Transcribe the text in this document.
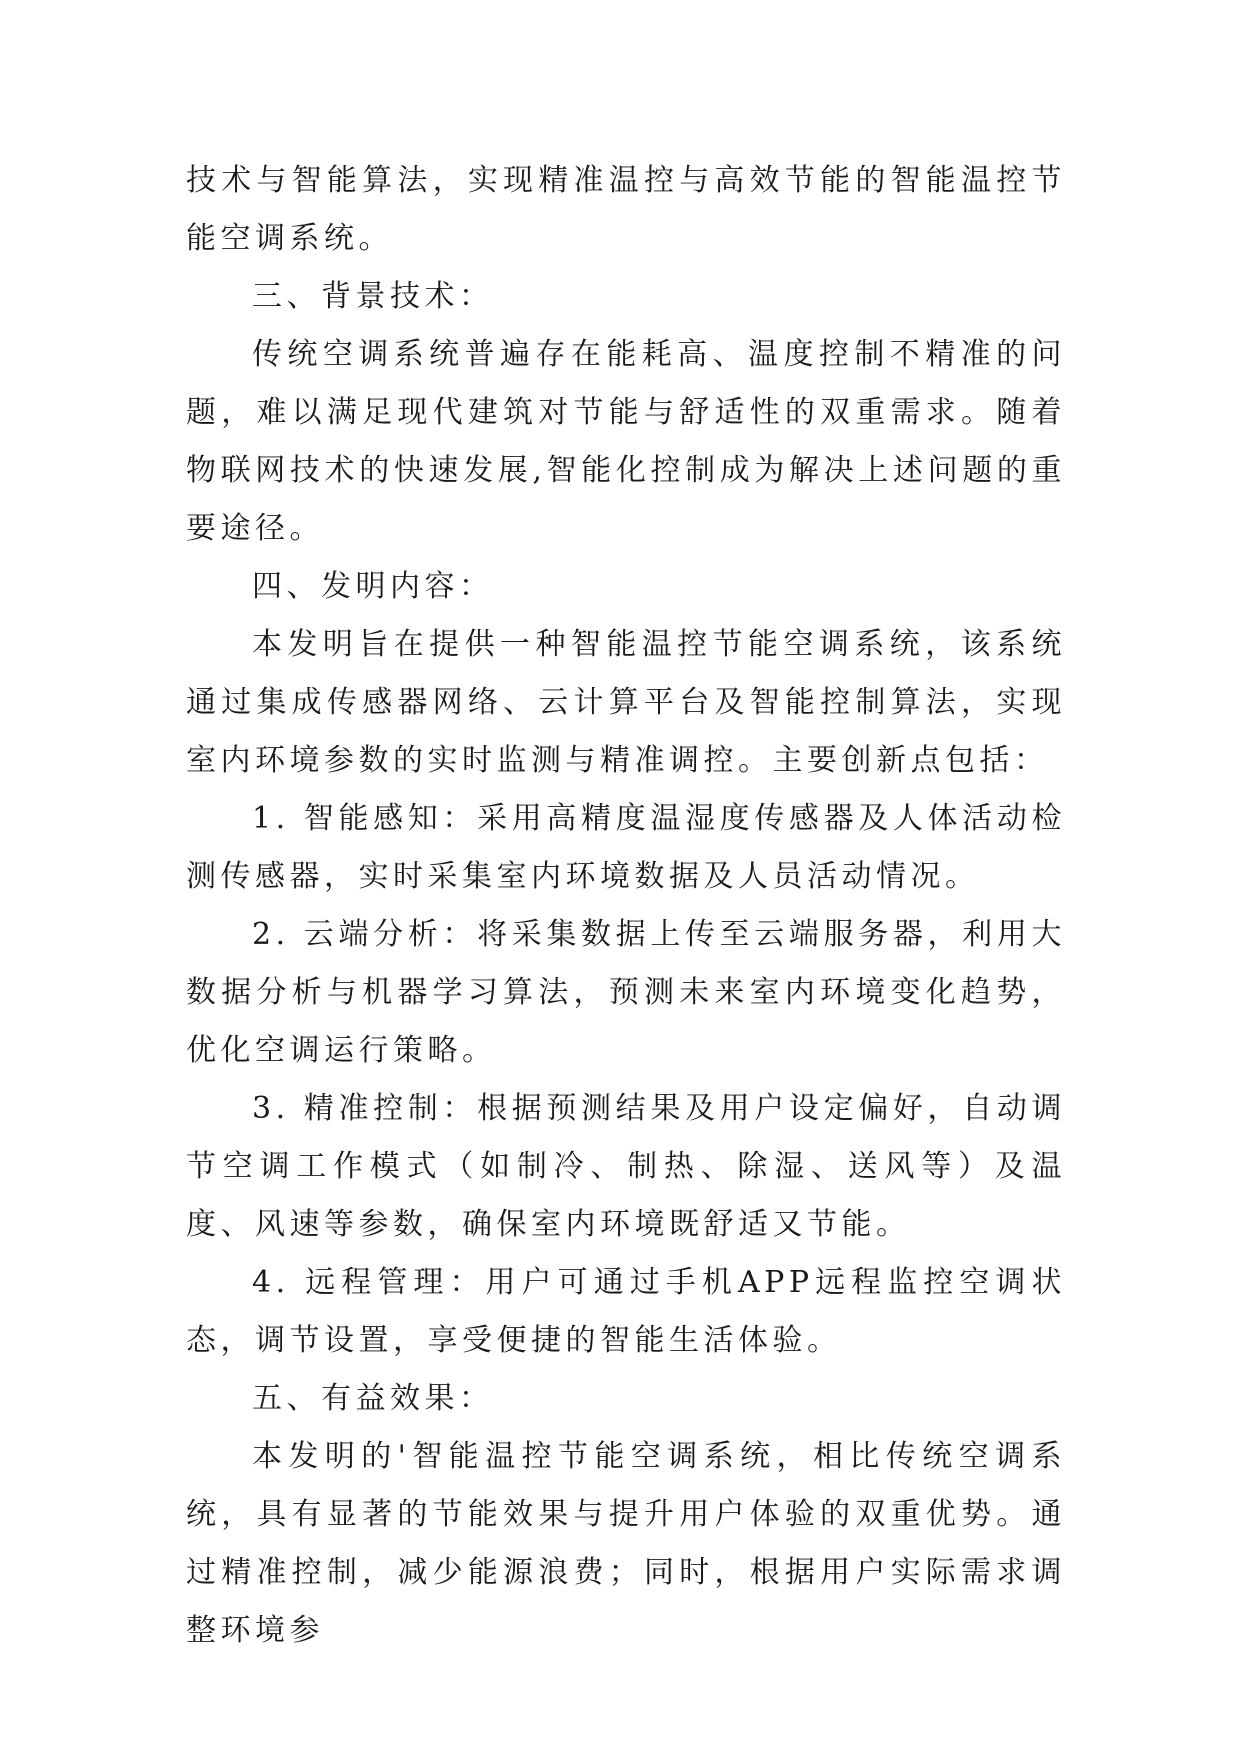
技术与智能算法，实现精准温控与高效节能的智能温控节能空调系统。

三、背景技术：

传统空调系统普遍存在能耗高、温度控制不精准的问题，难以满足现代建筑对节能与舒适性的双重需求。随着物联网技术的快速发展,智能化控制成为解决上述问题的重要途径。

四、发明内容：

本发明旨在提供一种智能温控节能空调系统，该系统通过集成传感器网络、云计算平台及智能控制算法，实现室内环境参数的实时监测与精准调控。主要创新点包括：

1. 智能感知：采用高精度温湿度传感器及人体活动检测传感器，实时采集室内环境数据及人员活动情况。

2. 云端分析：将采集数据上传至云端服务器，利用大数据分析与机器学习算法，预测未来室内环境变化趋势，优化空调运行策略。

3. 精准控制：根据预测结果及用户设定偏好，自动调节空调工作模式（如制冷、制热、除湿、送风等）及温度、风速等参数，确保室内环境既舒适又节能。

4. 远程管理：用户可通过手机APP远程监控空调状态，调节设置，享受便捷的智能生活体验。

五、有益效果：

本发明的'智能温控节能空调系统，相比传统空调系统，具有显著的节能效果与提升用户体验的双重优势。通过精准控制，减少能源浪费；同时，根据用户实际需求调整环境参
